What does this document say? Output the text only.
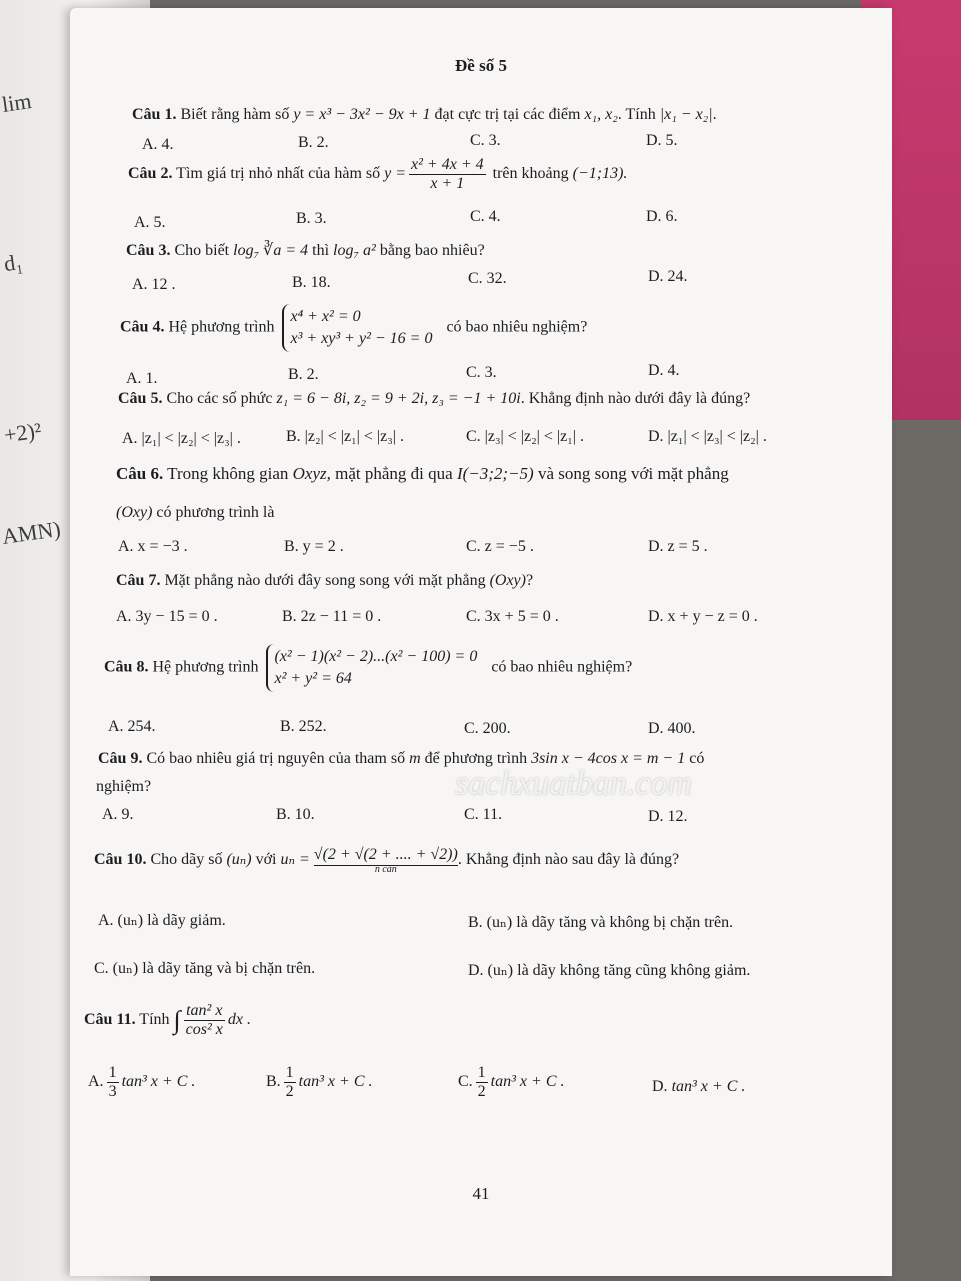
lim
d₁
+2)²
AMN)
Đề số 5
Câu 1. Biết rằng hàm số y = x³ − 3x² − 9x + 1 đạt cực trị tại các điểm x₁, x₂. Tính |x₁ − x₂|.
A. 4.	B. 2.	C. 3.	D. 5.
Câu 2. Tìm giá trị nhỏ nhất của hàm số $y = \frac{\text{x² + 4x + 4}}{x + 1}$ trên khoảng (−1;13).
A. 5.	B. 3.	C. 4.	D. 6.
Câu 3. Cho biết log₇ ∛a = 4 thì log₇ a² bằng bao nhiêu?
A. 12 .	B. 18.	C. 32.	D. 24.
Câu 4. Hệ phương trình
x⁴ + x² = 0
x³ + xy³ + y² − 16 = 0
có bao nhiêu nghiệm?
A. 1.	B. 2.	C. 3.	D. 4.
Câu 5. Cho các số phức z₁ = 6 − 8i, z₂ = 9 + 2i, z₃ = −1 + 10i. Khẳng định nào dưới đây là đúng?
A. |z₁| < |z₂| < |z₃| .	B. |z₂| < |z₁| < |z₃| .	C. |z₃| < |z₂| < |z₁| .	D. |z₁| < |z₃| < |z₂| .
Câu 6. Trong không gian Oxyz, mặt phẳng đi qua I(−3;2;−5) và song song với mặt phẳng
(Oxy) có phương trình là
A. x = −3 .	B. y = 2 .	C. z = −5 .	D. z = 5 .
Câu 7. Mặt phẳng nào dưới đây song song với mặt phẳng (Oxy)?
A. 3y − 15 = 0 .	B. 2z − 11 = 0 .	C. 3x + 5 = 0 .	D. x + y − z = 0 .
Câu 8. Hệ phương trình
(x² − 1)(x² − 2)...(x² − 100) = 0
x² + y² = 64
có bao nhiêu nghiệm?
A. 254.	B. 252.	C. 200.	D. 400.
Câu 9. Có bao nhiêu giá trị nguyên của tham số m để phương trình 3sin x − 4cos x = m − 1 có
nghiệm?
A. 9.	B. 10.	C. 11.	D. 12.
Câu 10. Cho dãy số (uₙ) với uₙ = √(2 + √(2 + .... + √2))
n căn
. Khẳng định nào sau đây là đúng?
A. (uₙ) là dãy giảm.	B. (uₙ) là dãy tăng và không bị chặn trên.
C. (uₙ) là dãy tăng và bị chặn trên.	D. (uₙ) là dãy không tăng cũng không giảm.
Câu 11. Tính ∫ $\frac{\text{tan² x}}{\text{cos² x}}$ dx .
A. $\frac{1}{3} \tan^3$ x + C .	B. $\frac{1}{2} \tan^3$ x + C .	C. $\frac{1}{2} \tan^3$ x + C .	D. tan³ x + C .
41
sachxuatban.com
